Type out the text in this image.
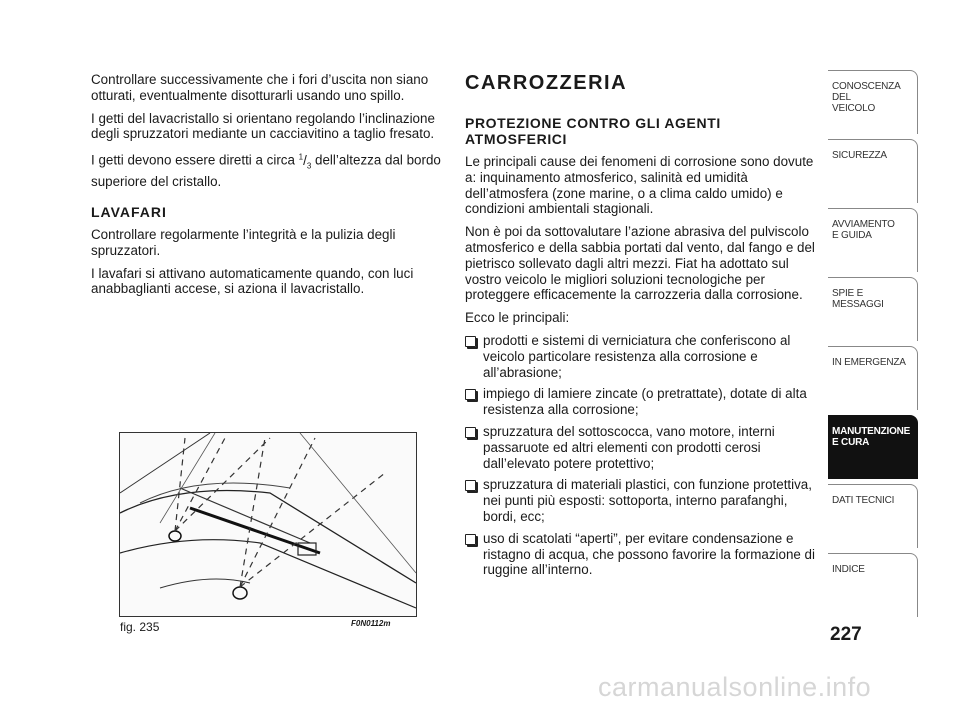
Controllare successivamente che i fori d’uscita non siano otturati, eventualmente disotturarli usando uno spillo.

I getti del lavacristallo si orientano regolando l’inclinazione degli spruzzatori mediante un cacciavitino a taglio fresato.

I getti devono essere diretti a circa $^1/_3$ dell’altezza dal bordo superiore del cristallo.

LAVAFARI

Controllare regolarmente l’integrità e la pulizia degli spruzzatori.

I lavafari si attivano automaticamente quando, con luci anabbaglianti accese, si aziona il lavacristallo.

fig. 235	F0N0112m
CARROZZERIA
PROTEZIONE CONTRO GLI AGENTI ATMOSFERICI

Le principali cause dei fenomeni di corrosione sono dovute a: inquinamento atmosferico, salinità ed umidità dell’atmosfera (zone marine, o a clima caldo umido) e condizioni ambientali stagionali.

Non è poi da sottovalutare l’azione abrasiva del pulviscolo atmosferico e della sabbia portati dal vento, dal fango e del pietrisco sollevato dagli altri mezzi. Fiat ha adottato sul vostro veicolo le migliori soluzioni tecnologiche per proteggere efficacemente la carrozzeria dalla corrosione.

Ecco le principali:

prodotti e sistemi di verniciatura che conferiscono al veicolo particolare resistenza alla corrosione e all’abrasione;
impiego di lamiere zincate (o pretrattate), dotate di alta resistenza alla corrosione;
spruzzatura del sottoscocca, vano motore, interni passaruote ed altri elementi con prodotti cerosi dall’elevato potere protettivo;
spruzzatura di materiali plastici, con funzione protettiva, nei punti più esposti: sottoporta, interno parafanghi, bordi, ecc;
uso di scatolati “aperti”, per evitare condensazione e ristagno di acqua, che possono favorire la formazione di ruggine all’interno.
CONOSCENZA
DEL
VEICOLO
SICUREZZA
AVVIAMENTO
E GUIDA
SPIE E
MESSAGGI
IN EMERGENZA
MANUTENZIONE
E CURA
DATI TECNICI
INDICE
227
carmanualsonline.info
